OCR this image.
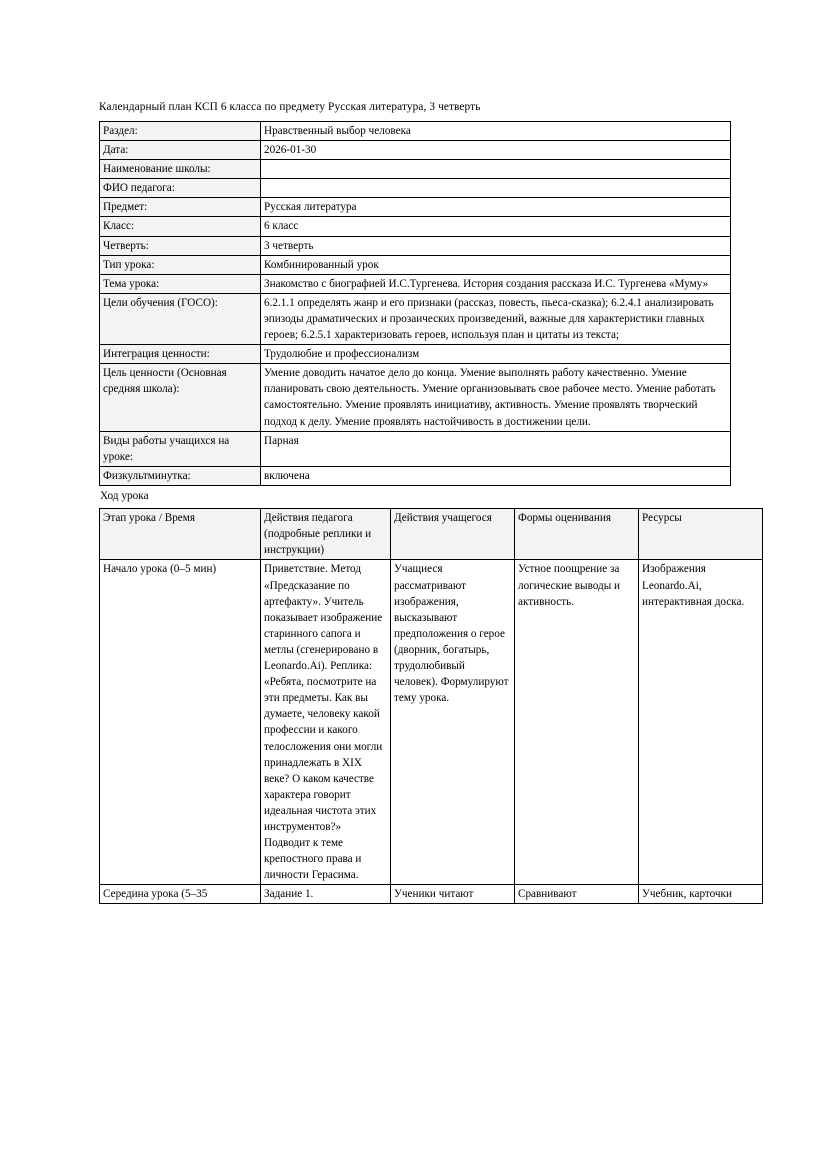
Календарный план КСП 6 класса по предмету Русская литература, 3 четверть

Раздел:	Нравственный выбор человека
Дата:	2026-01-30
Наименование школы:	
ФИО педагога:	
Предмет:	Русская литература
Класс:	6 класс
Четверть:	3 четверть
Тип урока:	Комбинированный урок
Тема урока:	Знакомство с биографией И.С.Тургенева. История создания рассказа И.С. Тургенева «Муму»
Цели обучения (ГОСО):	6.2.1.1 определять жанр и его признаки (рассказ, повесть, пьеса-сказка); 6.2.4.1 анализировать эпизоды драматических и прозаических произведений, важные для характеристики главных героев; 6.2.5.1 характеризовать героев, используя план и цитаты из текста;
Интеграция ценности:	Трудолюбие и профессионализм
Цель ценности (Основная средняя школа):	Умение доводить начатое дело до конца. Умение выполнять работу качественно. Умение планировать свою деятельность. Умение организовывать свое рабочее место. Умение работать самостоятельно. Умение проявлять инициативу, активность. Умение проявлять творческий подход к делу. Умение проявлять настойчивость в достижении цели.
Виды работы учащихся на уроке:	Парная
Физкультминутка:	включена

Ход урока

Этап урока / Время	Действия педагога (подробные реплики и инструкции)	Действия учащегося	Формы оценивания	Ресурсы

Начало урока (0–5 мин)	Приветствие. Метод «Предсказание по артефакту». Учитель показывает изображение старинного сапога и метлы (сгенерировано в Leonardo.Ai). Реплика: «Ребята, посмотрите на эти предметы. Как вы думаете, человеку какой профессии и какого телосложения они могли принадлежать в XIX веке? О каком качестве характера говорит идеальная чистота этих инструментов?» Подводит к теме крепостного права и личности Герасима.	Учащиеся рассматривают изображения, высказывают предположения о герое (дворник, богатырь, трудолюбивый человек). Формулируют тему урока.	Устное поощрение за логические выводы и активность.	Изображения Leonardo.Ai, интерактивная доска.
Середина урока (5–35	Задание 1.	Ученики читают	Сравнивают	Учебник, карточки
